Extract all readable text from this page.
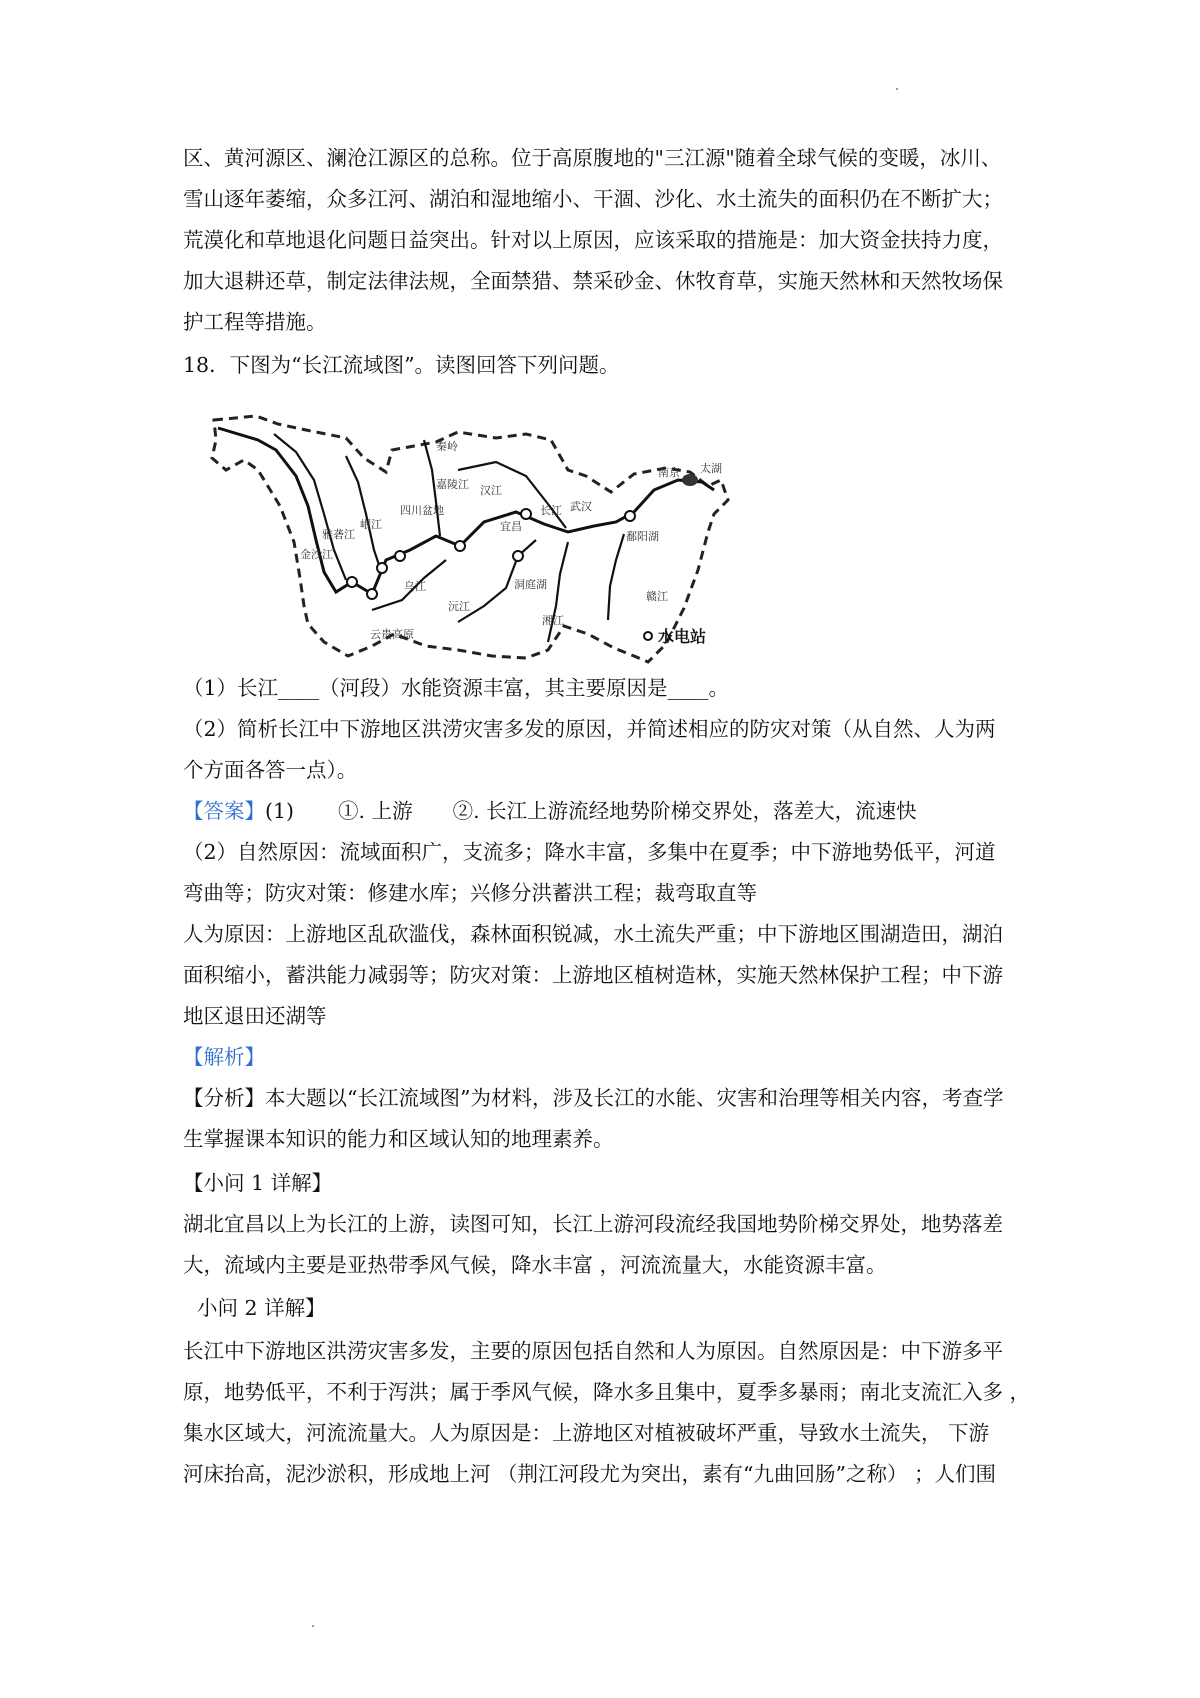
区、黄河源区、澜沧江源区的总称。位于高原腹地的"三江源"随着全球气候的变暖，冰川、

雪山逐年萎缩，众多江河、湖泊和湿地缩小、干涸、沙化、水土流失的面积仍在不断扩大；

荒漠化和草地退化问题日益突出。针对以上原因，应该采取的措施是：加大资金扶持力度，

加大退耕还草，制定法律法规，全面禁猎、禁采砂金、休牧育草，实施天然林和天然牧场保

护工程等措施。

18．下图为“长江流域图”。读图回答下列问题。

雅砻江
金沙江
岷江
四川盆地
秦岭
嘉陵江 汉江
宜昌
长江 武汉
南京 太湖
鄱阳湖
赣江
洞庭湖
湘江
沅江
乌江
云贵高原	水电站

（1）长江____（河段）水能资源丰富，其主要原因是____。

（2）简析长江中下游地区洪涝灾害多发的原因，并简述相应的防灾对策（从自然、人为两

个方面各答一点）。

【答案】(1) ①. 上游 ②. 长江上游流经地势阶梯交界处，落差大，流速快

（2）自然原因：流域面积广，支流多；降水丰富，多集中在夏季；中下游地势低平，河道

弯曲等；防灾对策：修建水库；兴修分洪蓄洪工程；裁弯取直等

人为原因：上游地区乱砍滥伐，森林面积锐减，水土流失严重；中下游地区围湖造田，湖泊

面积缩小，蓄洪能力减弱等；防灾对策：上游地区植树造林，实施天然林保护工程；中下游

地区退田还湖等

【解析】

【分析】本大题以“长江流域图”为材料，涉及长江的水能、灾害和治理等相关内容，考查学

生掌握课本知识的能力和区域认知的地理素养。

【小问 1 详解】

湖北宜昌以上为长江的上游，读图可知，长江上游河段流经我国地势阶梯交界处，地势落差

大，流域内主要是亚热带季风气候，降水丰富 ，河流流量大，水能资源丰富。

小问 2 详解】

长江中下游地区洪涝灾害多发，主要的原因包括自然和人为原因。自然原因是：中下游多平

原，地势低平，不利于泻洪；属于季风气候，降水多且集中，夏季多暴雨；南北支流汇入多 ，

集水区域大，河流流量大。人为原因是：上游地区对植被破坏严重，导致水土流失， 下游

河床抬高，泥沙淤积，形成地上河 （荆江河段尤为突出，素有“九曲回肠”之称） ；人们围
